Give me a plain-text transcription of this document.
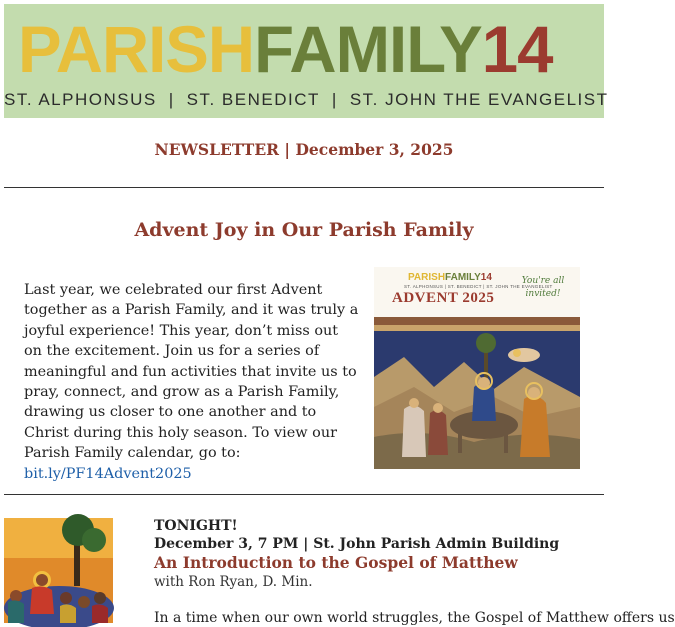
PARISHFAMILY14
ST. ALPHONSUS | ST. BENEDICT | ST. JOHN THE EVANGELIST
NEWSLETTER | December 3, 2025
Advent Joy in Our Parish Family
Last year, we celebrated our first Advent together as a Parish Family, and it was truly a joyful experience! This year, don’t miss out on the excitement. Join us for a series of meaningful and fun activities that invite us to pray, connect, and grow as a Parish Family, drawing us closer to one another and to Christ during this holy season. To view our Parish Family calendar, go to: bit.ly/PF14Advent2025
PARISHFAMILY14
ST. ALPHONSUS | ST. BENEDICT | ST. JOHN THE EVANGELIST
ADVENT 2025
You're all invited!
TONIGHT!
December 3, 7 PM | St. John Parish Admin Building
An Introduction to the Gospel of Matthew
with Ron Ryan, D. Min.
In a time when our own world struggles, the Gospel of Matthew offers us
